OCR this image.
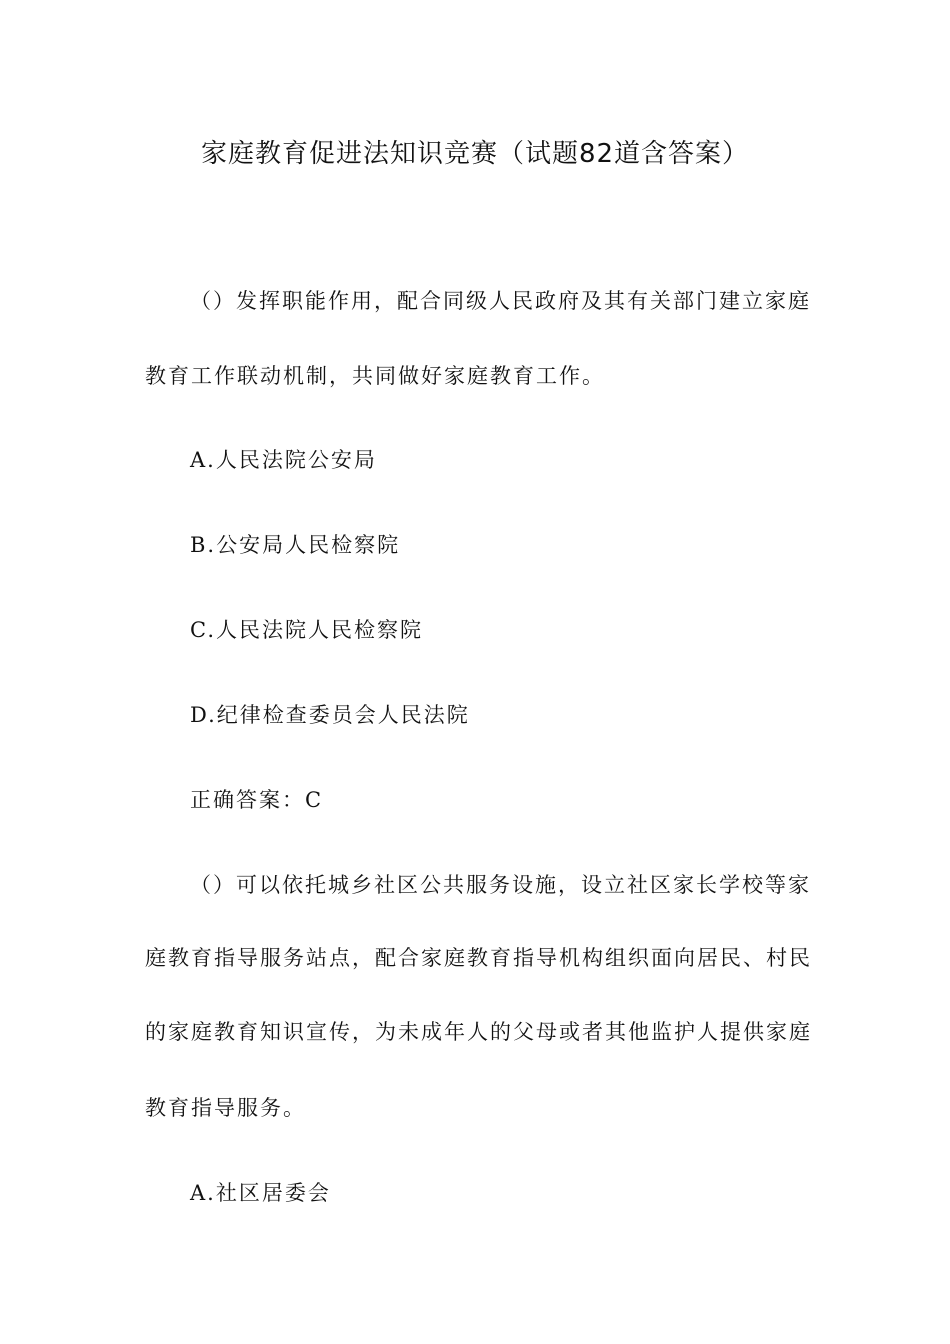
家庭教育促进法知识竞赛（试题82道含答案）
（）发挥职能作用，配合同级人民政府及其有关部门建立家庭
教育工作联动机制，共同做好家庭教育工作。
A.人民法院公安局
B.公安局人民检察院
C.人民法院人民检察院
D.纪律检查委员会人民法院
正确答案：C
（）可以依托城乡社区公共服务设施，设立社区家长学校等家
庭教育指导服务站点，配合家庭教育指导机构组织面向居民、村民
的家庭教育知识宣传，为未成年人的父母或者其他监护人提供家庭
教育指导服务。
A.社区居委会
